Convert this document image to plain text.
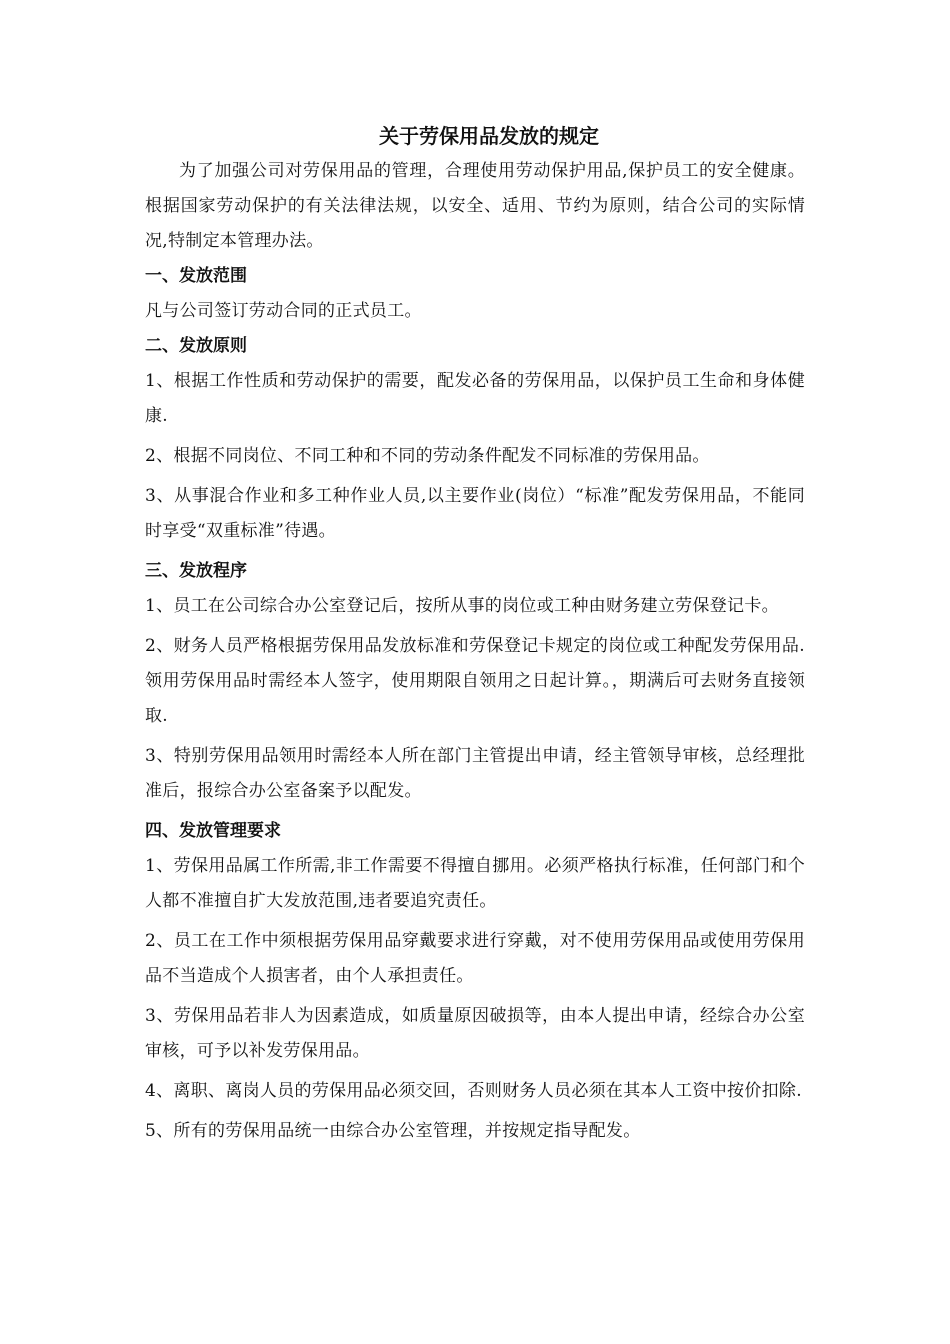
关于劳保用品发放的规定

为了加强公司对劳保用品的管理，合理使用劳动保护用品,保护员工的安全健康。根据国家劳动保护的有关法律法规，以安全、适用、节约为原则，结合公司的实际情况,特制定本管理办法。

一、发放范围

凡与公司签订劳动合同的正式员工。

二、发放原则

1、根据工作性质和劳动保护的需要，配发必备的劳保用品，以保护员工生命和身体健康.

2、根据不同岗位、不同工种和不同的劳动条件配发不同标准的劳保用品。

3、从事混合作业和多工种作业人员,以主要作业(岗位）“标准”配发劳保用品，不能同时享受“双重标准”待遇。

三、发放程序

1、员工在公司综合办公室登记后，按所从事的岗位或工种由财务建立劳保登记卡。

2、财务人员严格根据劳保用品发放标准和劳保登记卡规定的岗位或工种配发劳保用品.领用劳保用品时需经本人签字，使用期限自领用之日起计算。，期满后可去财务直接领取.

3、特别劳保用品领用时需经本人所在部门主管提出申请，经主管领导审核，总经理批准后，报综合办公室备案予以配发。

四、发放管理要求

1、劳保用品属工作所需,非工作需要不得擅自挪用。必须严格执行标准，任何部门和个人都不准擅自扩大发放范围,违者要追究责任。

2、员工在工作中须根据劳保用品穿戴要求进行穿戴，对不使用劳保用品或使用劳保用品不当造成个人损害者，由个人承担责任。

3、劳保用品若非人为因素造成，如质量原因破损等，由本人提出申请，经综合办公室审核，可予以补发劳保用品。

4、离职、离岗人员的劳保用品必须交回，否则财务人员必须在其本人工资中按价扣除.

5、所有的劳保用品统一由综合办公室管理，并按规定指导配发。
